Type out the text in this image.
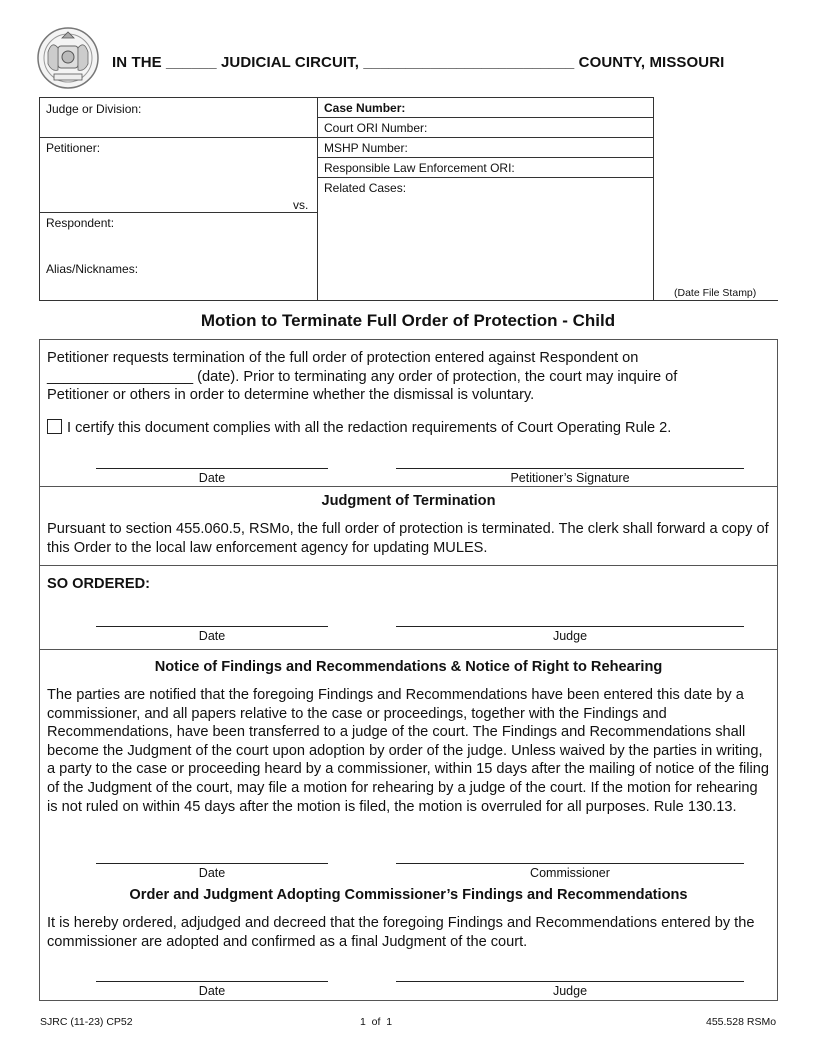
IN THE ______ JUDICIAL CIRCUIT, _________________________ COUNTY, MISSOURI
Judge or Division:
Petitioner:
vs.
Respondent:
Alias/Nicknames:
Case Number:
Court ORI Number:
MSHP Number:
Responsible Law Enforcement ORI:
Related Cases:
(Date File Stamp)
Motion to Terminate Full Order of Protection - Child
Petitioner requests termination of the full order of protection entered against Respondent on
__________________ (date). Prior to terminating any order of protection, the court may inquire of
Petitioner or others in order to determine whether the dismissal is voluntary.
I certify this document complies with all the redaction requirements of Court Operating Rule 2.
Date	Petitioner’s Signature
Judgment of Termination
Pursuant to section 455.060.5, RSMo, the full order of protection is terminated. The clerk shall forward a copy of this Order to the local law enforcement agency for updating MULES.
SO ORDERED:
Date	Judge
Notice of Findings and Recommendations & Notice of Right to Rehearing
The parties are notified that the foregoing Findings and Recommendations have been entered this date by a commissioner, and all papers relative to the case or proceedings, together with the Findings and Recommendations, have been transferred to a judge of the court. The Findings and Recommendations shall become the Judgment of the court upon adoption by order of the judge. Unless waived by the parties in writing, a party to the case or proceeding heard by a commissioner, within 15 days after the mailing of notice of the filing of the Judgment of the court, may file a motion for rehearing by a judge of the court. If the motion for rehearing is not ruled on within 45 days after the motion is filed, the motion is overruled for all purposes. Rule 130.13.
Date	Commissioner
Order and Judgment Adopting Commissioner’s Findings and Recommendations
It is hereby ordered, adjudged and decreed that the foregoing Findings and Recommendations entered by the commissioner are adopted and confirmed as a final Judgment of the court.
Date	Judge
SJRC (11-23) CP52	1  of  1	455.528 RSMo
